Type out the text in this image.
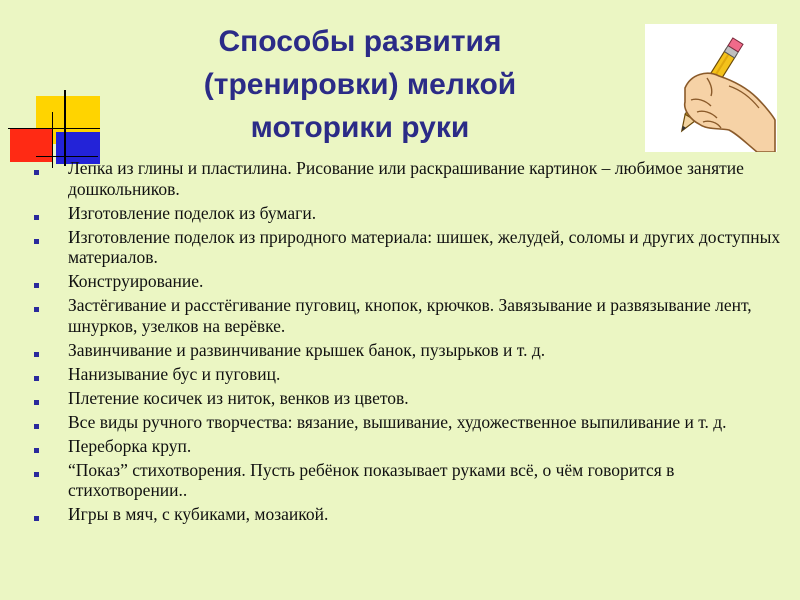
Способы развития
(тренировки) мелкой
моторики руки
Лепка из глины и пластилина. Рисование или раскрашивание картинок – любимое занятие дошкольников.
Изготовление поделок из бумаги.
Изготовление поделок из природного материала: шишек, желудей, соломы и других доступных материалов.
Конструирование.
Застёгивание и расстёгивание пуговиц, кнопок, крючков. Завязывание и развязывание лент, шнурков, узелков на верёвке.
Завинчивание и развинчивание крышек банок, пузырьков и т. д.
Нанизывание бус и пуговиц.
Плетение косичек из ниток, венков из цветов.
Все виды ручного творчества: вязание, вышивание, художественное выпиливание и т. д.
Переборка круп.
“Показ” стихотворения. Пусть ребёнок показывает руками всё, о чём говорится в стихотворении..
Игры в мяч, с кубиками, мозаикой.
